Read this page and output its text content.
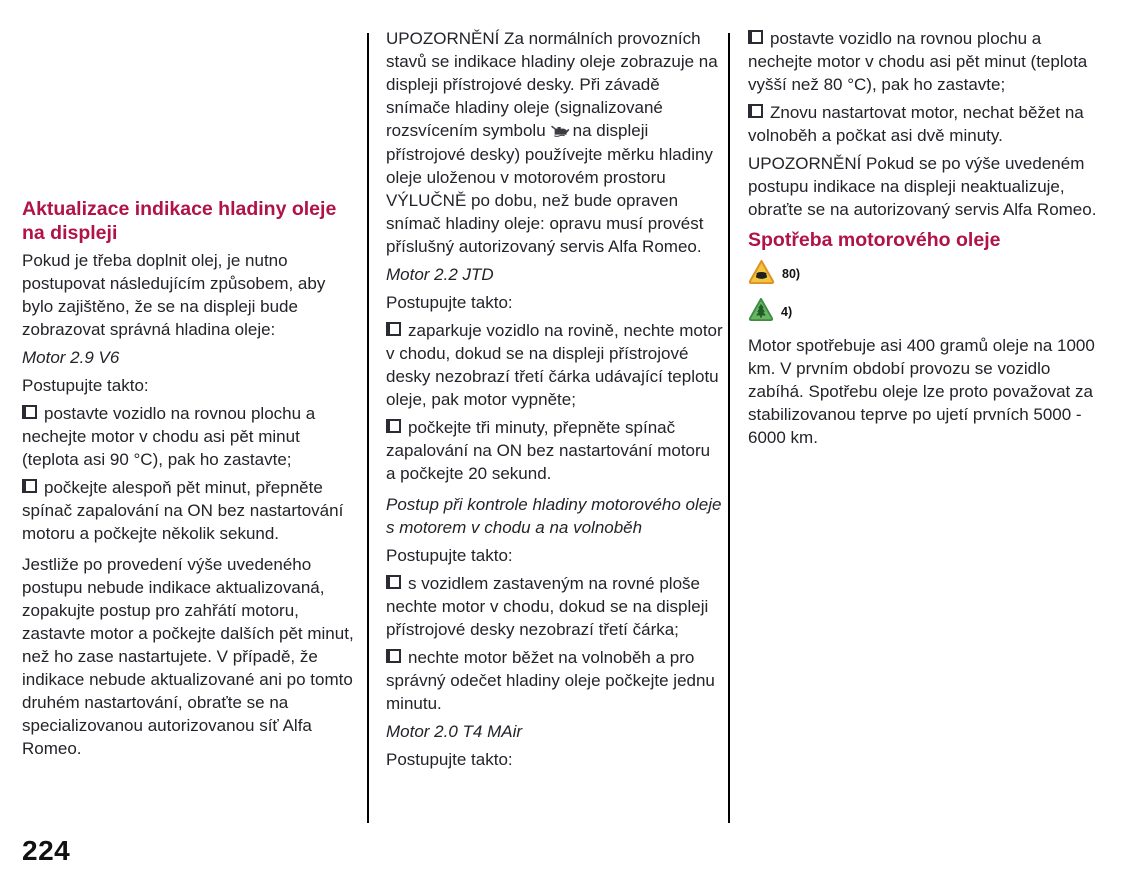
Aktualizace indikace hladiny oleje na displeji
Pokud je třeba doplnit olej, je nutno postupovat následujícím způsobem, aby bylo zajištěno, že se na displeji bude zobrazovat správná hladina oleje:
Motor 2.9 V6
Postupujte takto:
postavte vozidlo na rovnou plochu a nechejte motor v chodu asi pět minut (teplota asi 90 °C), pak ho zastavte;
počkejte alespoň pět minut, přepněte spínač zapalování na ON bez nastartování motoru a počkejte několik sekund.
Jestliže po provedení výše uvedeného postupu nebude indikace aktualizovaná, zopakujte postup pro zahřátí motoru, zastavte motor a počkejte dalších pět minut, než ho zase nastartujete. V případě, že indikace nebude aktualizované ani po tomto druhém nastartování, obraťte se na specializovanou autorizovanou síť Alfa Romeo.
UPOZORNĚNÍ Za normálních provozních stavů se indikace hladiny oleje zobrazuje na displeji přístrojové desky. Při závadě snímače hladiny oleje (signalizované rozsvícením symbolu na displeji přístrojové desky) používejte měrku hladiny oleje uloženou v motorovém prostoru VÝLUČNĚ po dobu, než bude opraven snímač hladiny oleje: opravu musí provést příslušný autorizovaný servis Alfa Romeo.
Motor 2.2 JTD
Postupujte takto:
zaparkuje vozidlo na rovině, nechte motor v chodu, dokud se na displeji přístrojové desky nezobrazí třetí čárka udávající teplotu oleje, pak motor vypněte;
počkejte tři minuty, přepněte spínač zapalování na ON bez nastartování motoru a počkejte 20 sekund.
Postup při kontrole hladiny motorového oleje s motorem v chodu a na volnoběh
Postupujte takto:
s vozidlem zastaveným na rovné ploše nechte motor v chodu, dokud se na displeji přístrojové desky nezobrazí třetí čárka;
nechte motor běžet na volnoběh a pro správný odečet hladiny oleje počkejte jednu minutu.
Motor 2.0 T4 MAir
Postupujte takto:
postavte vozidlo na rovnou plochu a nechejte motor v chodu asi pět minut (teplota vyšší než 80 °C), pak ho zastavte;
Znovu nastartovat motor, nechat běžet na volnoběh a počkat asi dvě minuty.
UPOZORNĚNÍ Pokud se po výše uvedeném postupu indikace na displeji neaktualizuje, obraťte se na autorizovaný servis Alfa Romeo.
Spotřeba motorového oleje
80)
4)
Motor spotřebuje asi 400 gramů oleje na 1000 km. V prvním období provozu se vozidlo zabíhá. Spotřebu oleje lze proto považovat za stabilizovanou teprve po ujetí prvních 5000 - 6000 km.
224
